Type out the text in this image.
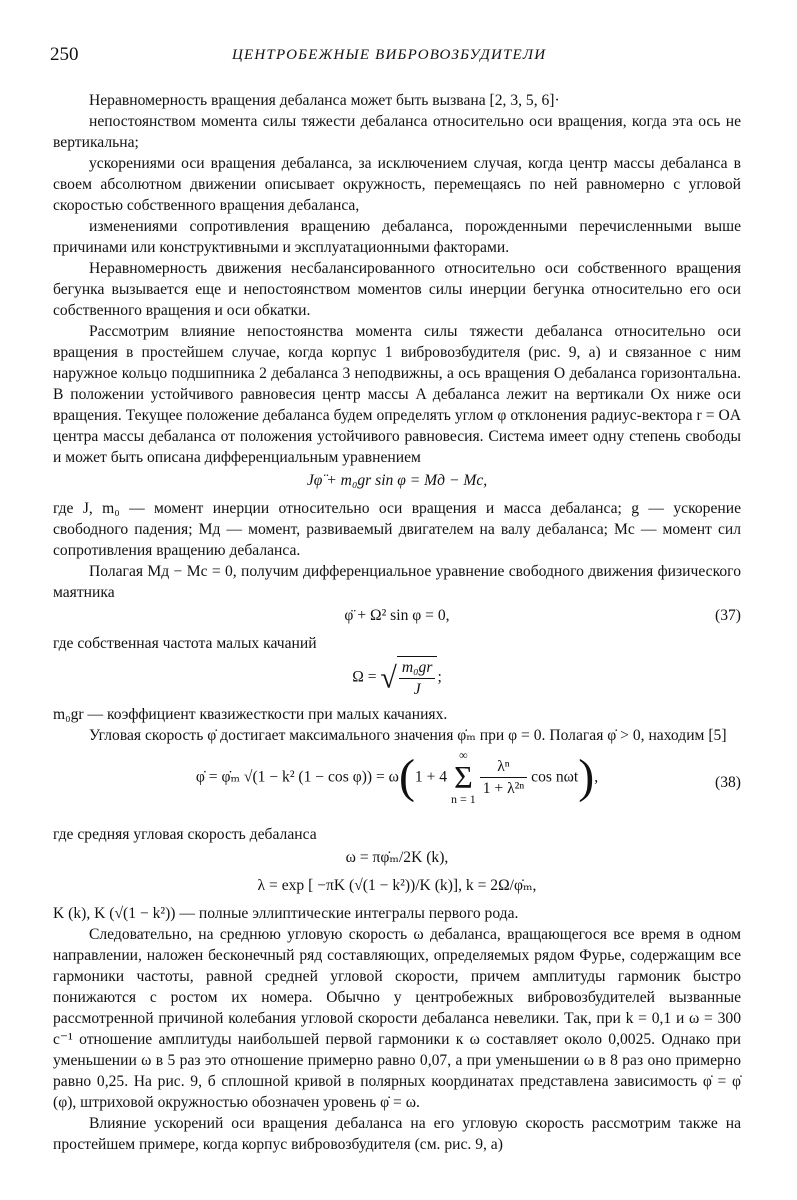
250	ЦЕНТРОБЕЖНЫЕ ВИБРОВОЗБУДИТЕЛИ

Неравномерность вращения дебаланса может быть вызвана [2, 3, 5, 6]·

непостоянством момента силы тяжести дебаланса относительно оси вращения, когда эта ось не вертикальна;

ускорениями оси вращения дебаланса, за исключением случая, когда центр массы дебаланса в своем абсолютном движении описывает окружность, перемещаясь по ней равномерно с угловой скоростью собственного вращения дебаланса,

изменениями сопротивления вращению дебаланса, порожденными перечисленными выше причинами или конструктивными и эксплуатационными факторами.

Неравномерность движения несбалансированного относительно оси собственного вращения бегунка вызывается еще и непостоянством моментов силы инерции бегунка относительно его оси собственного вращения и оси обкатки.

Рассмотрим влияние непостоянства момента силы тяжести дебаланса относительно оси вращения в простейшем случае, когда корпус 1 вибровозбудителя (рис. 9, а) и связанное с ним наружное кольцо подшипника 2 дебаланса 3 неподвижны, а ось вращения O дебаланса горизонтальна. В положении устойчивого равновесия центр массы A дебаланса лежит на вертикали Ox ниже оси вращения. Текущее положение дебаланса будем определять углом φ отклонения радиус-вектора r = OA центра массы дебаланса от положения устойчивого равновесия. Система имеет одну степень свободы и может быть описана дифференциальным уравнением

Jφ̈ + m₀gr sin φ = Mд − Mс,

где J, m₀ — момент инерции относительно оси вращения и масса дебаланса; g — ускорение свободного падения; Mд — момент, развиваемый двигателем на валу дебаланса; Mс — момент сил сопротивления вращению дебаланса.

Полагая Mд − Mс = 0, получим дифференциальное уравнение свободного движения физического маятника

φ̈ + Ω² sin φ = 0,	(37)

где собственная частота малых качаний

Ω = √ $\frac{\text{m₀gr}}{J}$ ;

m₀gr — коэффициент квазижесткости при малых качаниях.

Угловая скорость φ̇ достигает максимального значения φ̇ₘ при φ = 0. Полагая φ̇ > 0, находим [5]

φ̇ = φ̇ₘ √(1 − k² (1 − cos φ)) = ω(1 + 4 ∞
Σ
n = 1
$\frac{\text{λⁿ}}{\text{1 + λ²ⁿ}}$ cos nωt),	(38)

где средняя угловая скорость дебаланса

ω = πφ̇ₘ/2K (k),
λ = exp [ −πK (√(1 − k²))/K (k)], k = 2Ω/φ̇ₘ,

K (k), K (√(1 − k²)) — полные эллиптические интегралы первого рода.

Следовательно, на среднюю угловую скорость ω дебаланса, вращающегося все время в одном направлении, наложен бесконечный ряд составляющих, определяемых рядом Фурье, содержащим все гармоники частоты, равной средней угловой скорости, причем амплитуды гармоник быстро понижаются с ростом их номера. Обычно у центробежных вибровозбудителей вызванные рассмотренной причиной колебания угловой скорости дебаланса невелики. Так, при k = 0,1 и ω = 300 с⁻¹ отношение амплитуды наибольшей первой гармоники к ω составляет около 0,0025. Однако при уменьшении ω в 5 раз это отношение примерно равно 0,07, а при уменьшении ω в 8 раз оно примерно равно 0,25. На рис. 9, б сплошной кривой в полярных координатах представлена зависимость φ̇ = φ̇ (φ), штриховой окружностью обозначен уровень φ̇ = ω.

Влияние ускорений оси вращения дебаланса на его угловую скорость рассмотрим также на простейшем примере, когда корпус вибровозбудителя (см. рис. 9, а)
